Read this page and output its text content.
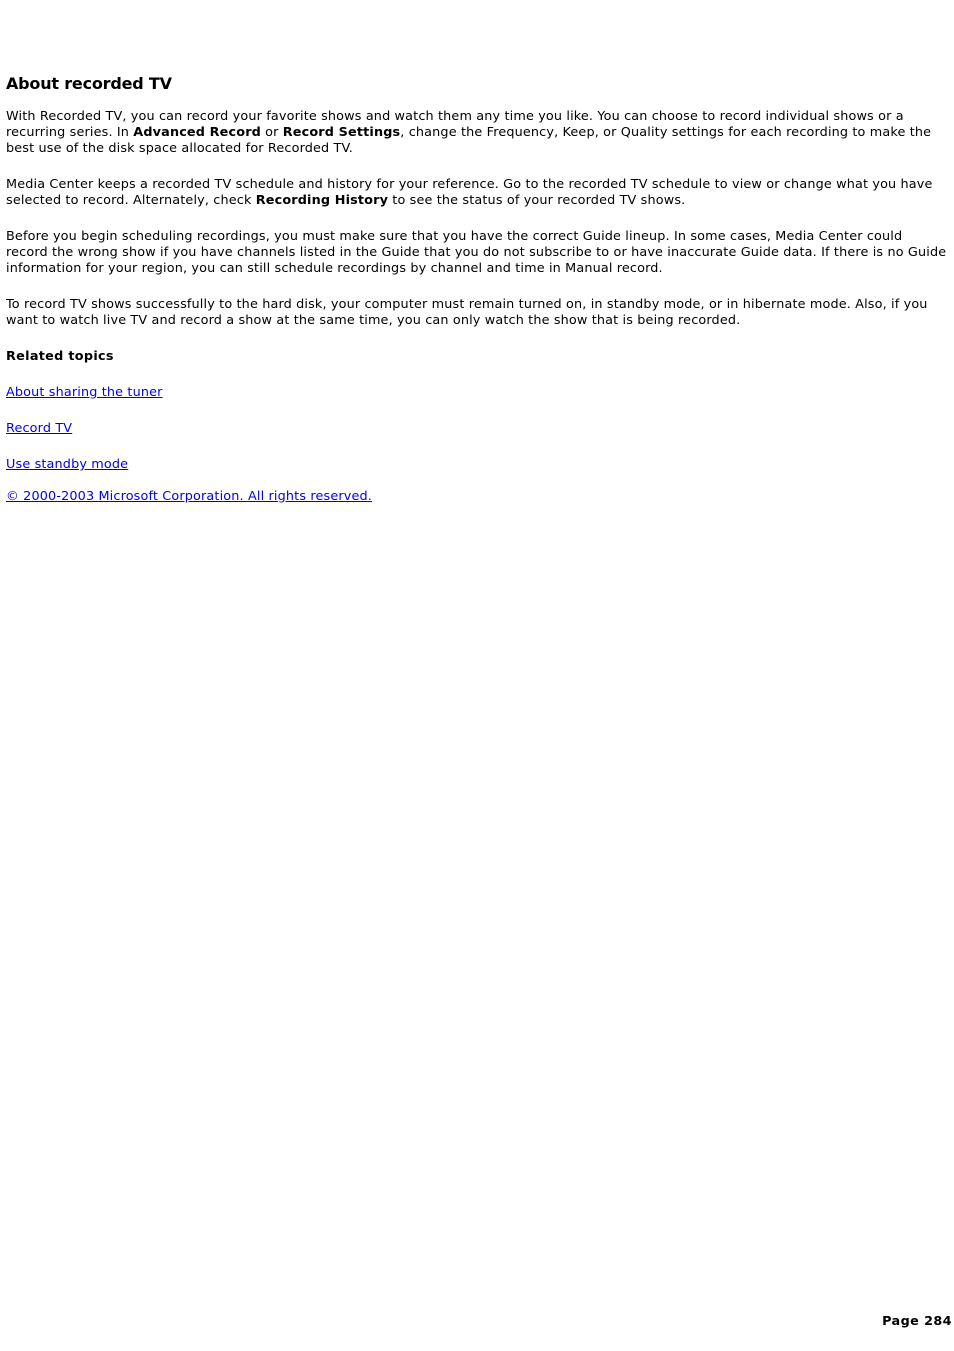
About recorded TV

With Recorded TV, you can record your favorite shows and watch them any time you like. You can choose to record individual shows or a recurring series. In Advanced Record or Record Settings, change the Frequency, Keep, or Quality settings for each recording to make the best use of the disk space allocated for Recorded TV.

Media Center keeps a recorded TV schedule and history for your reference. Go to the recorded TV schedule to view or change what you have selected to record. Alternately, check Recording History to see the status of your recorded TV shows.

Before you begin scheduling recordings, you must make sure that you have the correct Guide lineup. In some cases, Media Center could record the wrong show if you have channels listed in the Guide that you do not subscribe to or have inaccurate Guide data. If there is no Guide information for your region, you can still schedule recordings by channel and time in Manual record.

To record TV shows successfully to the hard disk, your computer must remain turned on, in standby mode, or in hibernate mode. Also, if you want to watch live TV and record a show at the same time, you can only watch the show that is being recorded.

Related topics
About sharing the tuner
Record TV
Use standby mode
© 2000-2003 Microsoft Corporation. All rights reserved.
Page 284
